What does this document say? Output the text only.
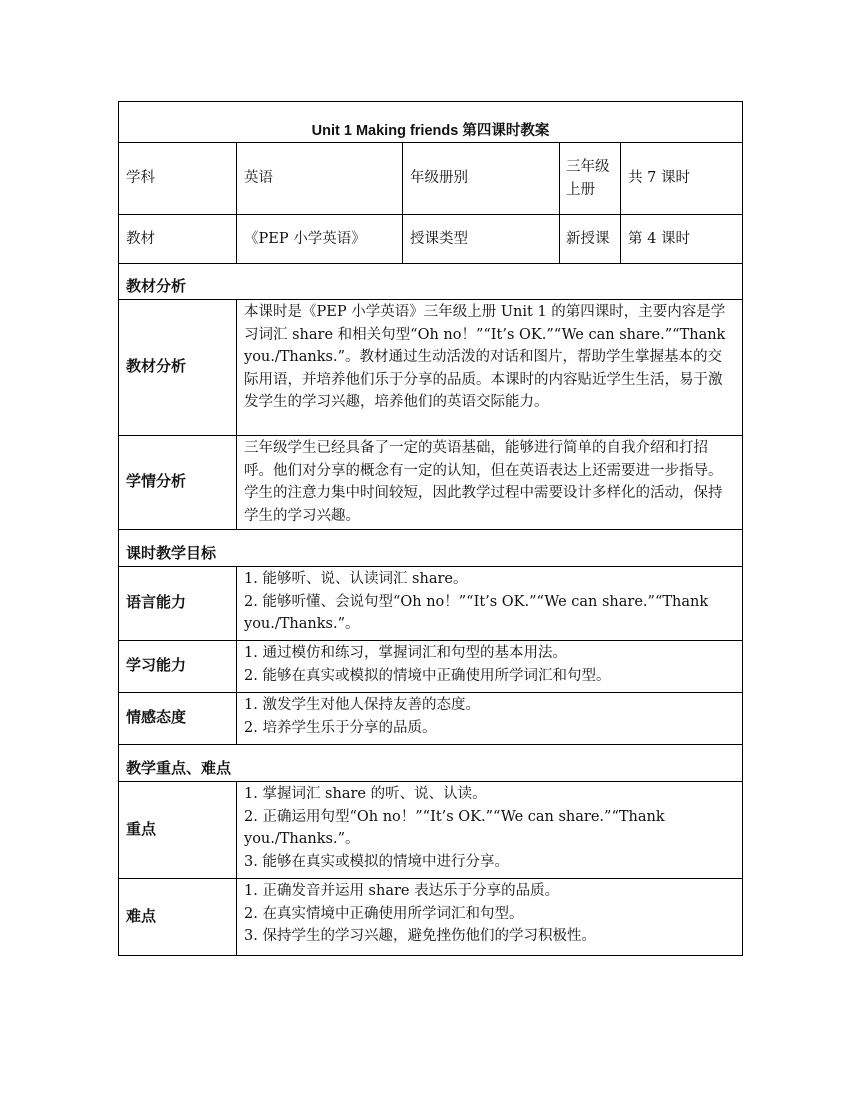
Unit 1 Making friends 第四课时教案				
学科	英语	年级册别	三年级上册	共 7 课时
教材	《PEP 小学英语》	授课类型	新授课	第 4 课时
教材分析				
教材分析	本课时是《PEP 小学英语》三年级上册 Unit 1 的第四课时，主要内容是学习词汇 share 和相关句型“Oh no！”“It’s OK.”“We can share.”“Thank you./Thanks.”。教材通过生动活泼的对话和图片，帮助学生掌握基本的交际用语，并培养他们乐于分享的品质。本课时的内容贴近学生生活，易于激发学生的学习兴趣，培养他们的英语交际能力。			
学情分析	三年级学生已经具备了一定的英语基础，能够进行简单的自我介绍和打招呼。他们对分享的概念有一定的认知，但在英语表达上还需要进一步指导。学生的注意力集中时间较短，因此教学过程中需要设计多样化的活动，保持学生的学习兴趣。			
课时教学目标				
语言能力	1. 能够听、说、认读词汇 share。
2. 能够听懂、会说句型“Oh no！”“It’s OK.”“We can share.”“Thank you./Thanks.”。			

学习能力	1. 通过模仿和练习，掌握词汇和句型的基本用法。
2. 能够在真实或模拟的情境中正确使用所学词汇和句型。			

情感态度	1. 激发学生对他人保持友善的态度。
2. 培养学生乐于分享的品质。			

教学重点、难点				
重点	1. 掌握词汇 share 的听、说、认读。
2. 正确运用句型“Oh no！”“It’s OK.”“We can share.”“Thank you./Thanks.”。
3. 能够在真实或模拟的情境中进行分享。			

难点	1. 正确发音并运用 share 表达乐于分享的品质。
2. 在真实情境中正确使用所学词汇和句型。
3. 保持学生的学习兴趣，避免挫伤他们的学习积极性。			
